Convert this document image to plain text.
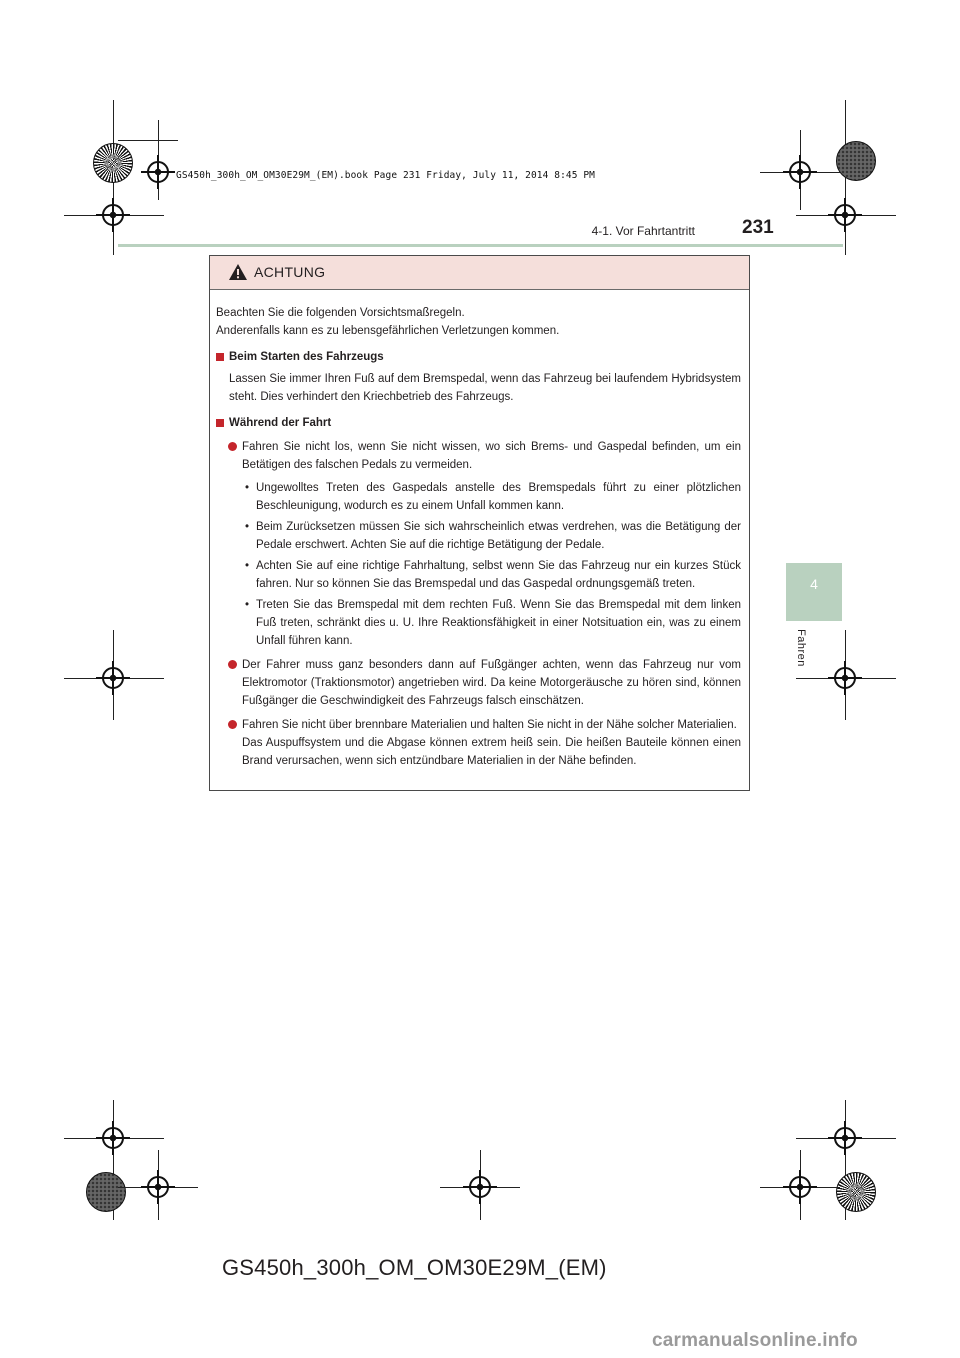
GS450h_300h_OM_OM30E29M_(EM).book Page 231 Friday, July 11, 2014 8:45 PM
4-1. Vor Fahrtantritt 231
4
Fahren
ACHTUNG

Beachten Sie die folgenden Vorsichtsmaßregeln.

Anderenfalls kann es zu lebensgefährlichen Verletzungen kommen.

Beim Starten des Fahrzeugs

Lassen Sie immer Ihren Fuß auf dem Bremspedal, wenn das Fahrzeug bei laufendem Hybridsystem steht. Dies verhindert den Kriechbetrieb des Fahrzeugs.

Während der Fahrt
Fahren Sie nicht los, wenn Sie nicht wissen, wo sich Brems- und Gaspedal befinden, um ein Betätigen des falschen Pedals zu vermeiden.
• Ungewolltes Treten des Gaspedals anstelle des Bremspedals führt zu einer plötzlichen Beschleunigung, wodurch es zu einem Unfall kommen kann.
• Beim Zurücksetzen müssen Sie sich wahrscheinlich etwas verdrehen, was die Betätigung der Pedale erschwert. Achten Sie auf die richtige Betätigung der Pedale.
• Achten Sie auf eine richtige Fahrhaltung, selbst wenn Sie das Fahrzeug nur ein kurzes Stück fahren. Nur so können Sie das Bremspedal und das Gaspedal ordnungsgemäß treten.
• Treten Sie das Bremspedal mit dem rechten Fuß. Wenn Sie das Bremspedal mit dem linken Fuß treten, schränkt dies u. U. Ihre Reaktionsfähigkeit in einer Notsituation ein, was zu einem Unfall führen kann.
Der Fahrer muss ganz besonders dann auf Fußgänger achten, wenn das Fahrzeug nur vom Elektromotor (Traktionsmotor) angetrieben wird. Da keine Motorgeräusche zu hören sind, können Fußgänger die Geschwindigkeit des Fahrzeugs falsch einschätzen.
Fahren Sie nicht über brennbare Materialien und halten Sie nicht in der Nähe solcher Materialien.
Das Auspuffsystem und die Abgase können extrem heiß sein. Die heißen Bauteile können einen Brand verursachen, wenn sich entzündbare Materialien in der Nähe befinden.
GS450h_300h_OM_OM30E29M_(EM)
carmanualsonline.info
